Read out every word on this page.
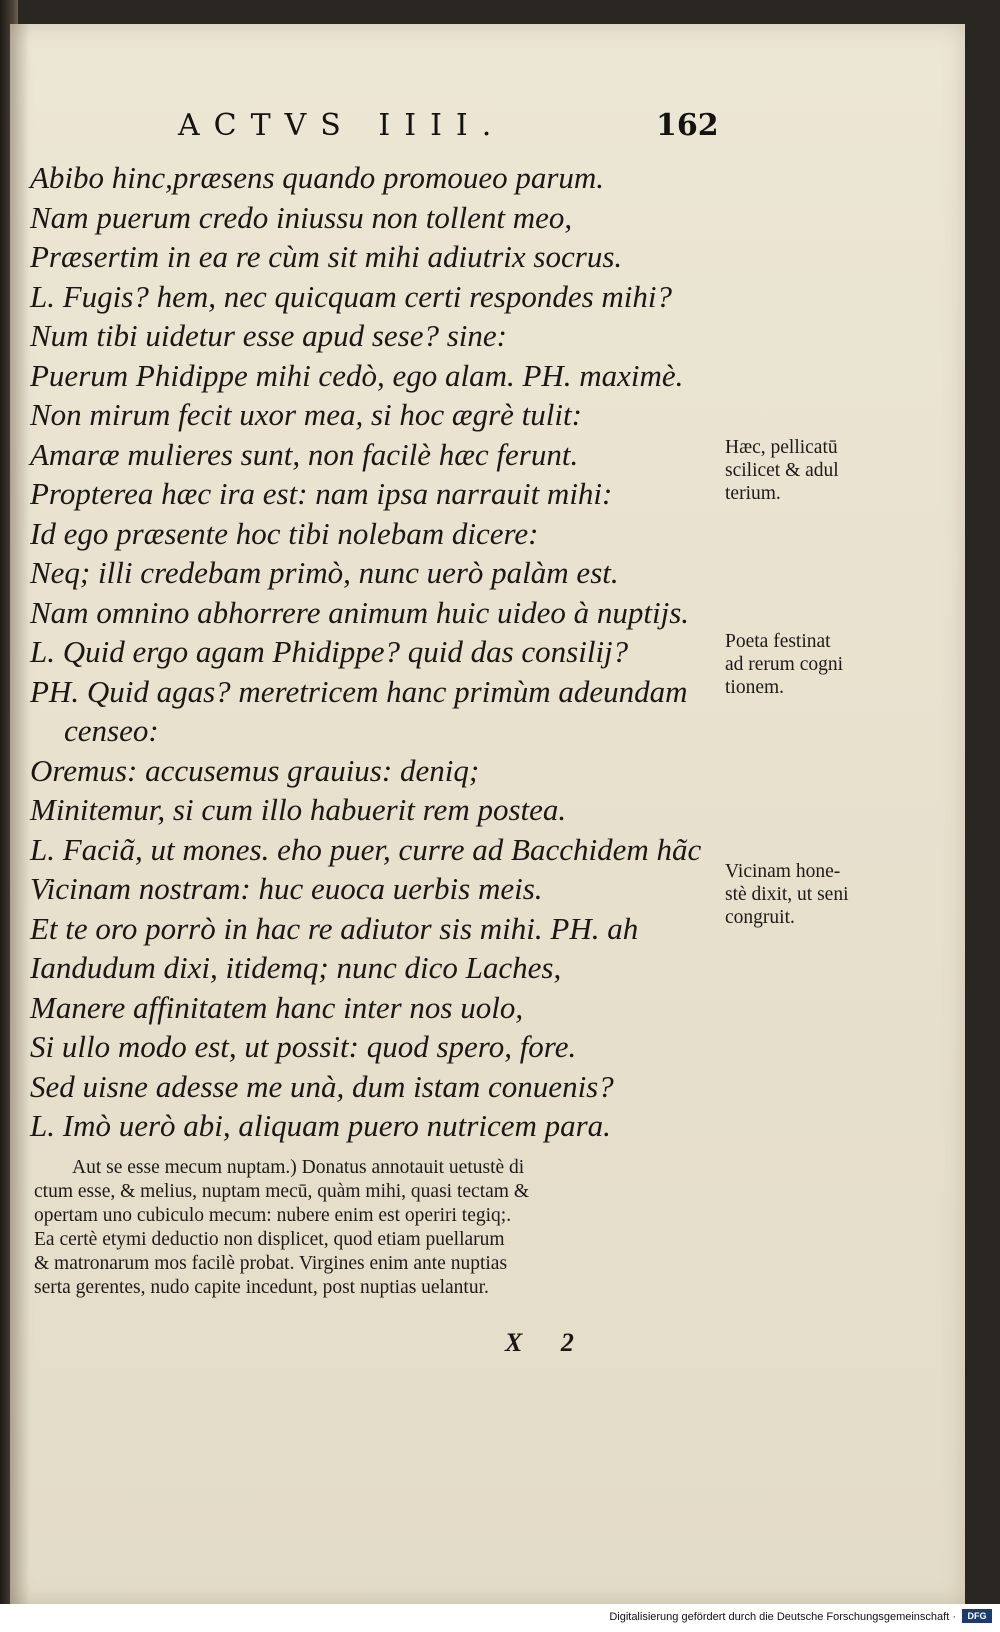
ACTVS IIII.	162
Abibo hinc,præsens quando promoueo parum.
Nam puerum credo iniussu non tollent meo,
Præsertim in ea re cùm sit mihi adiutrix socrus.
L. Fugis? hem, nec quicquam certi respondes mihi?
Num tibi uidetur esse apud sese? sine:
Puerum Phidippe mihi cedò, ego alam. PH. maximè.
Non mirum fecit uxor mea, si hoc ægrè tulit:
Amaræ mulieres sunt, non facilè hæc ferunt.
Propterea hæc ira est: nam ipsa narrauit mihi:
Id ego præsente hoc tibi nolebam dicere:
Neq; illi credebam primò, nunc uerò palàm est.
Nam omnino abhorrere animum huic uideo à nuptijs.
L. Quid ergo agam Phidippe? quid das consilij?
PH. Quid agas? meretricem hanc primùm adeundam
censeo:
Oremus: accusemus grauius: deniq;
Minitemur, si cum illo habuerit rem postea.
L. Faciã, ut mones. eho puer, curre ad Bacchidem hãc
Vicinam nostram: huc euoca uerbis meis.
Et te oro porrò in hac re adiutor sis mihi. PH. ah
Iandudum dixi, itidemq; nunc dico Laches,
Manere affinitatem hanc inter nos uolo,
Si ullo modo est, ut possit: quod spero, fore.
Sed uisne adesse me unà, dum istam conuenis?
L. Imò uerò abi, aliquam puero nutricem para.
Hæc, pellicatū
scilicet & adul
terium.
Poeta festinat
ad rerum cogni
tionem.
Vicinam hone-
stè dixit, ut seni
congruit.
Aut se esse mecum nuptam.) Donatus annotauit uetustè di
ctum esse, & melius, nuptam mecū, quàm mihi, quasi tectam &
opertam uno cubiculo mecum: nubere enim est operiri tegiq;.
Ea certè etymi deductio non displicet, quod etiam puellarum
& matronarum mos facilè probat. Virgines enim ante nuptias
serta gerentes, nudo capite incedunt, post nuptias uelantur.
X 2
Digitalisierung gefördert durch die Deutsche Forschungsgemeinschaft ·	DFG
